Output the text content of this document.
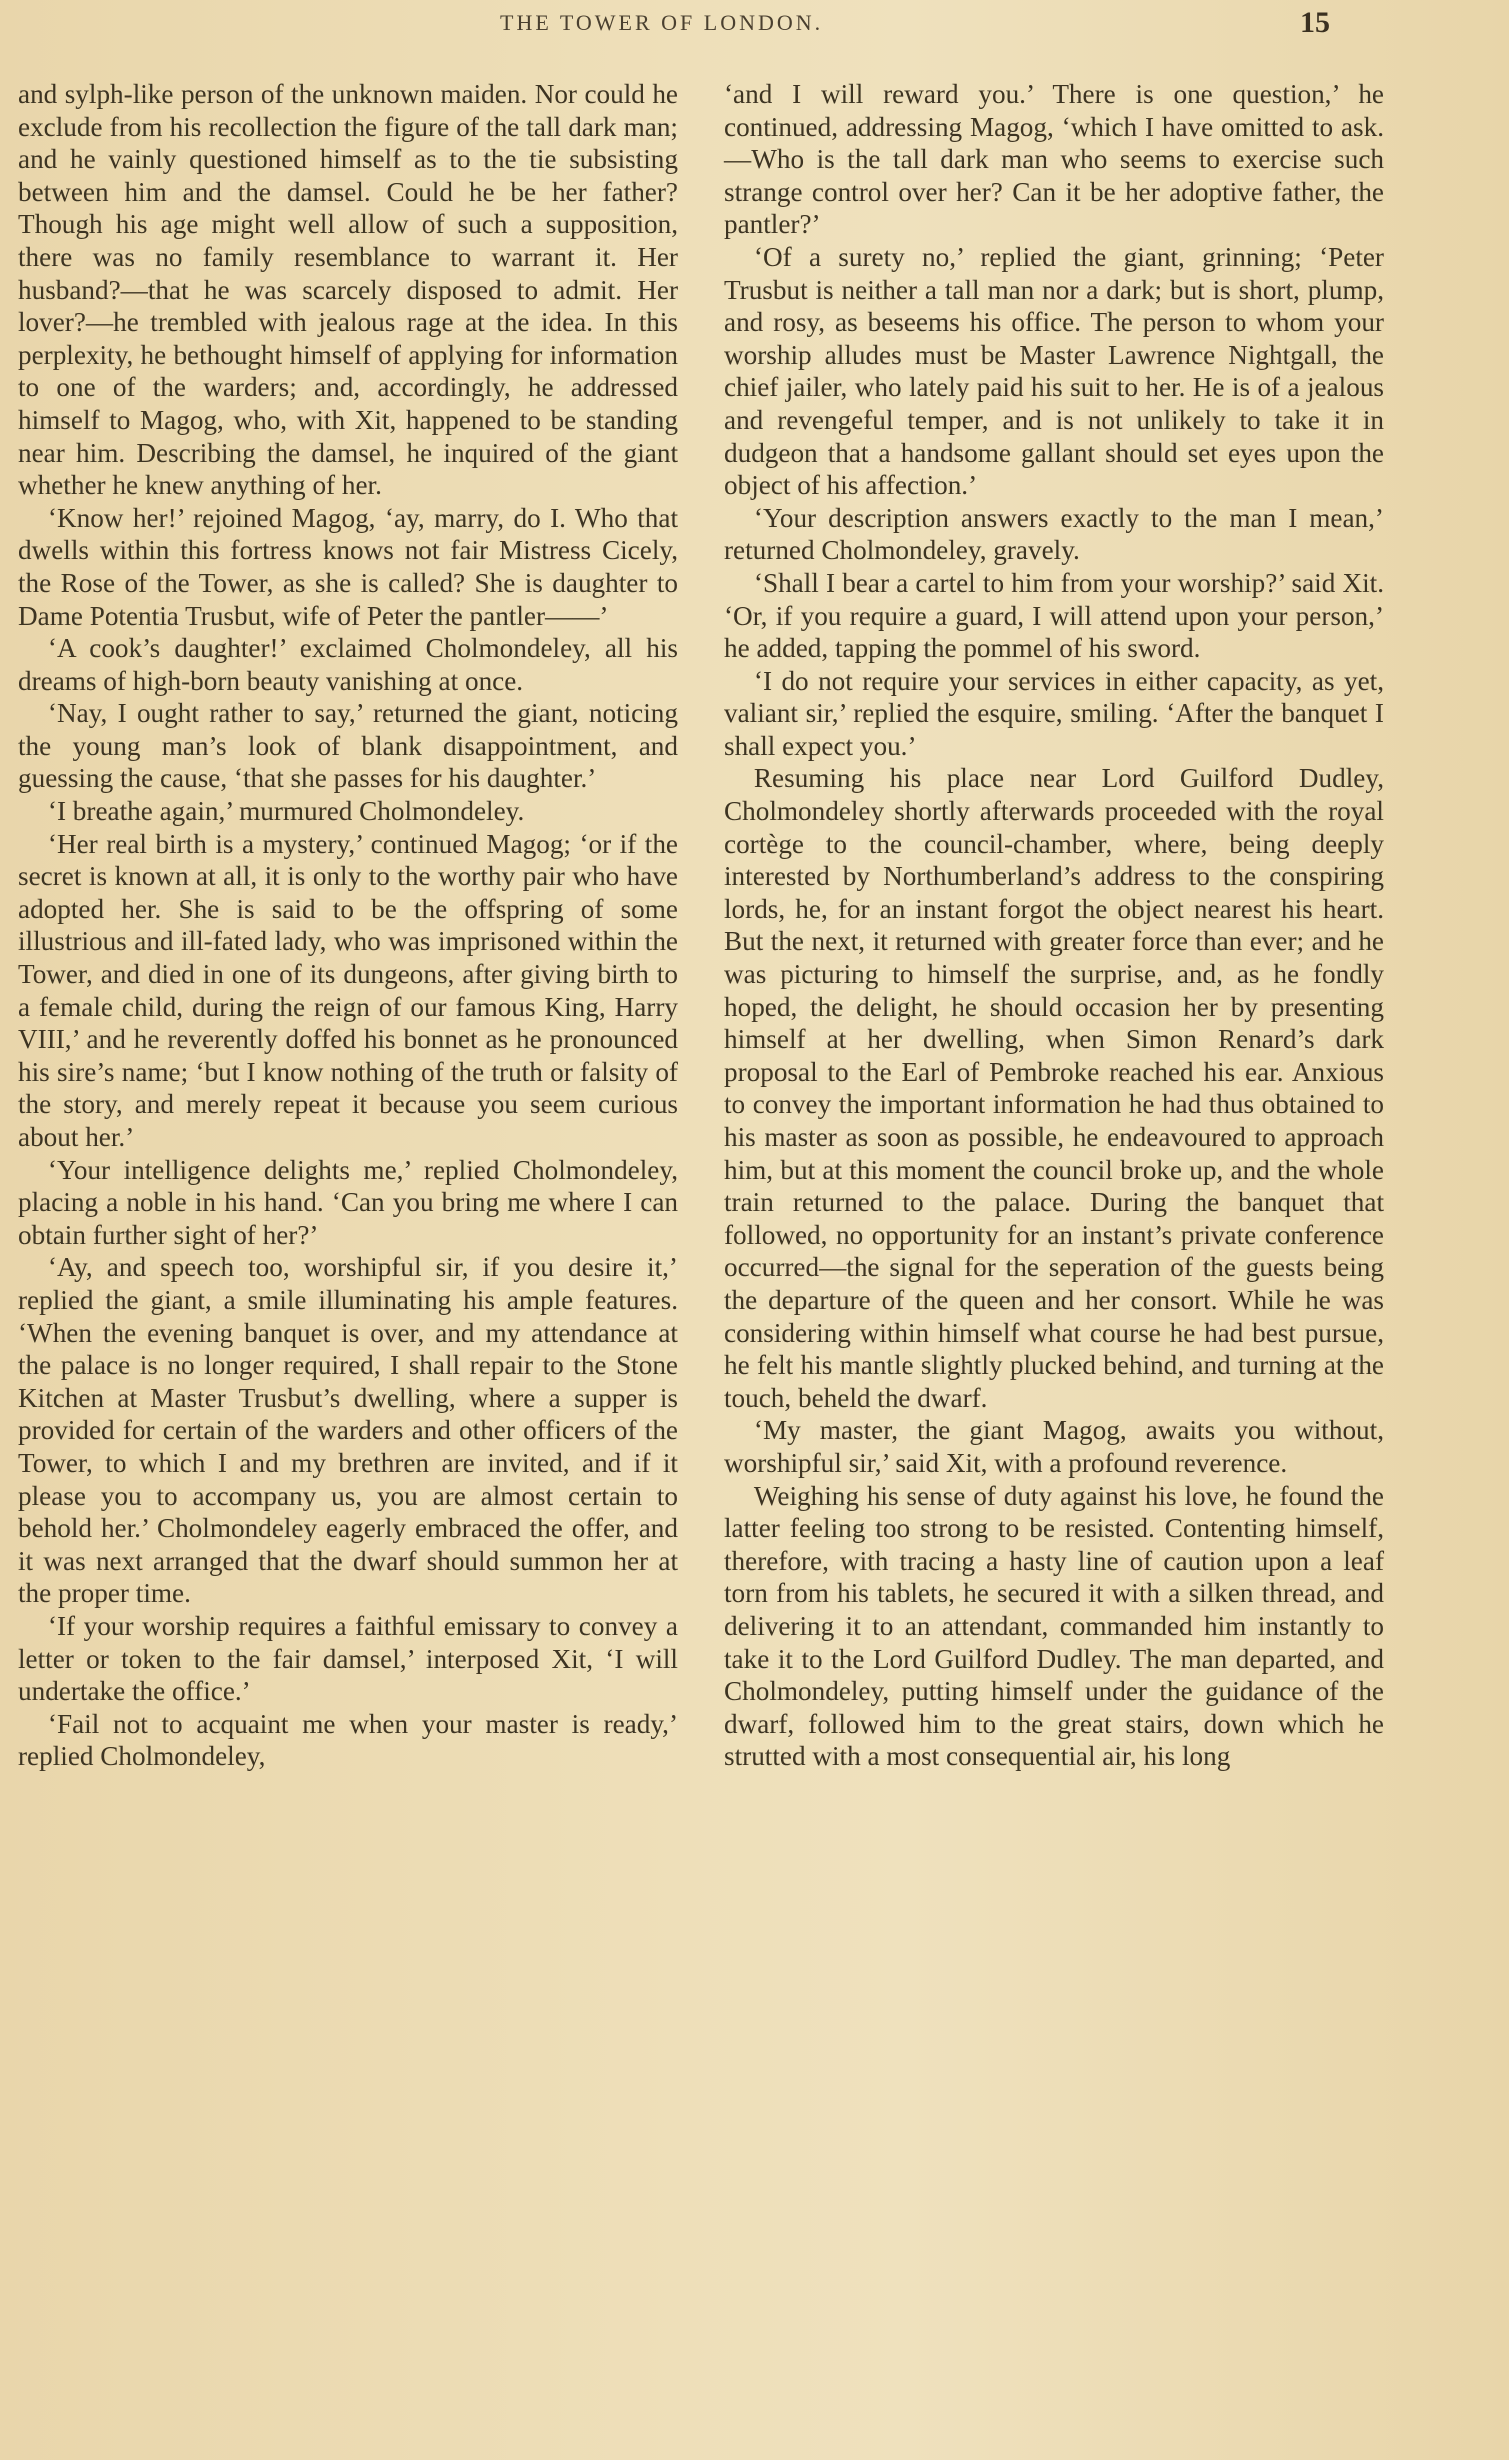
THE TOWER OF LONDON.	15

and sylph-like person of the unknown maiden. Nor could he exclude from his recollection the figure of the tall dark man; and he vainly questioned himself as to the tie subsisting between him and the damsel. Could he be her father? Though his age might well allow of such a supposition, there was no family resemblance to warrant it. Her husband?—that he was scarcely disposed to admit. Her lover?—he trembled with jealous rage at the idea. In this perplexity, he bethought himself of applying for information to one of the warders; and, accordingly, he addressed himself to Magog, who, with Xit, happened to be standing near him. Describing the damsel, he inquired of the giant whether he knew anything of her.

‘Know her!’ rejoined Magog, ‘ay, marry, do I. Who that dwells within this fortress knows not fair Mistress Cicely, the Rose of the Tower, as she is called? She is daughter to Dame Potentia Trusbut, wife of Peter the pantler——’

‘A cook’s daughter!’ exclaimed Cholmondeley, all his dreams of high-born beauty vanishing at once.

‘Nay, I ought rather to say,’ returned the giant, noticing the young man’s look of blank disappointment, and guessing the cause, ‘that she passes for his daughter.’

‘I breathe again,’ murmured Cholmondeley.

‘Her real birth is a mystery,’ continued Magog; ‘or if the secret is known at all, it is only to the worthy pair who have adopted her. She is said to be the offspring of some illustrious and ill-fated lady, who was imprisoned within the Tower, and died in one of its dungeons, after giving birth to a female child, during the reign of our famous King, Harry VIII,’ and he reverently doffed his bonnet as he pronounced his sire’s name; ‘but I know nothing of the truth or falsity of the story, and merely repeat it because you seem curious about her.’

‘Your intelligence delights me,’ replied Cholmondeley, placing a noble in his hand. ‘Can you bring me where I can obtain further sight of her?’

‘Ay, and speech too, worshipful sir, if you desire it,’ replied the giant, a smile illuminating his ample features. ‘When the evening banquet is over, and my attendance at the palace is no longer required, I shall repair to the Stone Kitchen at Master Trusbut’s dwelling, where a supper is provided for certain of the warders and other officers of the Tower, to which I and my brethren are invited, and if it please you to accompany us, you are almost certain to behold her.’ Cholmondeley eagerly embraced the offer, and it was next arranged that the dwarf should summon her at the proper time.

‘If your worship requires a faithful emissary to convey a letter or token to the fair damsel,’ interposed Xit, ‘I will undertake the office.’

‘Fail not to acquaint me when your master is ready,’ replied Cholmondeley,

‘and I will reward you.’ There is one question,’ he continued, addressing Magog, ‘which I have omitted to ask.—Who is the tall dark man who seems to exercise such strange control over her? Can it be her adoptive father, the pantler?’

‘Of a surety no,’ replied the giant, grinning; ‘Peter Trusbut is neither a tall man nor a dark; but is short, plump, and rosy, as beseems his office. The person to whom your worship alludes must be Master Lawrence Nightgall, the chief jailer, who lately paid his suit to her. He is of a jealous and revengeful temper, and is not unlikely to take it in dudgeon that a handsome gallant should set eyes upon the object of his affection.’

‘Your description answers exactly to the man I mean,’ returned Cholmondeley, gravely.

‘Shall I bear a cartel to him from your worship?’ said Xit. ‘Or, if you require a guard, I will attend upon your person,’ he added, tapping the pommel of his sword.

‘I do not require your services in either capacity, as yet, valiant sir,’ replied the esquire, smiling. ‘After the banquet I shall expect you.’

Resuming his place near Lord Guilford Dudley, Cholmondeley shortly afterwards proceeded with the royal cortège to the council-chamber, where, being deeply interested by Northumberland’s address to the conspiring lords, he, for an instant forgot the object nearest his heart. But the next, it returned with greater force than ever; and he was picturing to himself the surprise, and, as he fondly hoped, the delight, he should occasion her by presenting himself at her dwelling, when Simon Renard’s dark proposal to the Earl of Pembroke reached his ear. Anxious to convey the important information he had thus obtained to his master as soon as possible, he endeavoured to approach him, but at this moment the council broke up, and the whole train returned to the palace. During the banquet that followed, no opportunity for an instant’s private conference occurred—the signal for the seperation of the guests being the departure of the queen and her consort. While he was considering within himself what course he had best pursue, he felt his mantle slightly plucked behind, and turning at the touch, beheld the dwarf.

‘My master, the giant Magog, awaits you without, worshipful sir,’ said Xit, with a profound reverence.

Weighing his sense of duty against his love, he found the latter feeling too strong to be resisted. Contenting himself, therefore, with tracing a hasty line of caution upon a leaf torn from his tablets, he secured it with a silken thread, and delivering it to an attendant, commanded him instantly to take it to the Lord Guilford Dudley. The man departed, and Cholmondeley, putting himself under the guidance of the dwarf, followed him to the great stairs, down which he strutted with a most consequential air, his long
